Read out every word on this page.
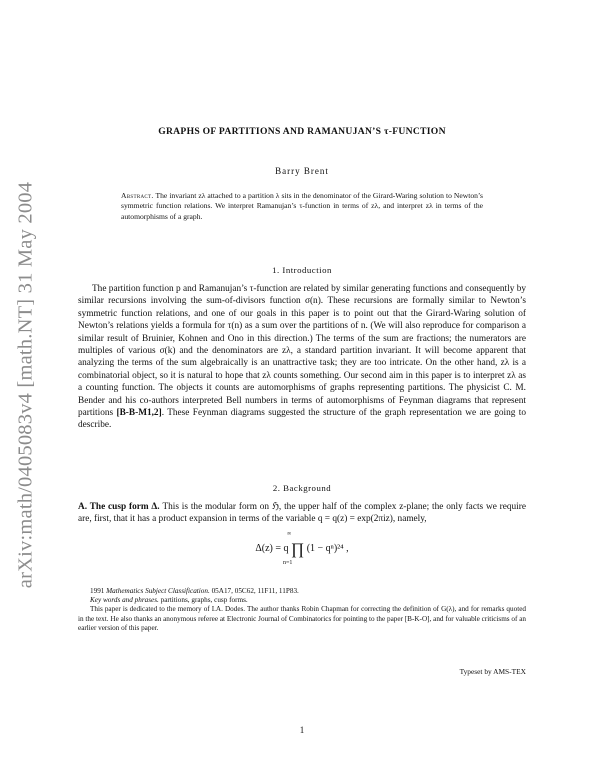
arXiv:math/0405083v4 [math.NT] 31 May 2004
GRAPHS OF PARTITIONS AND RAMANUJAN’S τ-FUNCTION
Barry Brent
Abstract. The invariant zλ attached to a partition λ sits in the denominator of the Girard-Waring solution to Newton’s symmetric function relations. We interpret Ramanujan’s τ-function in terms of zλ, and interpret zλ in terms of the automorphisms of a graph.
1. Introduction

The partition function p and Ramanujan’s τ-function are related by similar generating functions and consequently by similar recursions involving the sum-of-divisors function σ(n). These recursions are formally similar to Newton’s symmetric function relations, and one of our goals in this paper is to point out that the Girard-Waring solution of Newton’s relations yields a formula for τ(n) as a sum over the partitions of n. (We will also reproduce for comparison a similar result of Bruinier, Kohnen and Ono in this direction.) The terms of the sum are fractions; the numerators are multiples of various σ(k) and the denominators are zλ, a standard partition invariant. It will become apparent that analyzing the terms of the sum algebraically is an unattractive task; they are too intricate. On the other hand, zλ is a combinatorial object, so it is natural to hope that zλ counts something. Our second aim in this paper is to interpret zλ as a counting function. The objects it counts are automorphisms of graphs representing partitions. The physicist C. M. Bender and his co-authors interpreted Bell numbers in terms of automorphisms of Feynman diagrams that represent partitions [B-B-M1,2]. These Feynman diagrams suggested the structure of the graph representation we are going to describe.

2. Background

A. The cusp form Δ. This is the modular form on ℌ, the upper half of the complex z-plane; the only facts we require are, first, that it has a product expansion in terms of the variable q = q(z) = exp(2πiz), namely,

Δ(z) = q ∏ (1 − qⁿ)²⁴ ,
∞
n=1

1991 Mathematics Subject Classification. 05A17, 05C62, 11F11, 11P83.

Key words and phrases. partitions, graphs, cusp forms.

This paper is dedicated to the memory of I.A. Dodes. The author thanks Robin Chapman for correcting the definition of G(λ), and for remarks quoted in the text. He also thanks an anonymous referee at Electronic Journal of Combinatorics for pointing to the paper [B-K-O], and for valuable criticisms of an earlier version of this paper.

Typeset by AMS-TEX
1
